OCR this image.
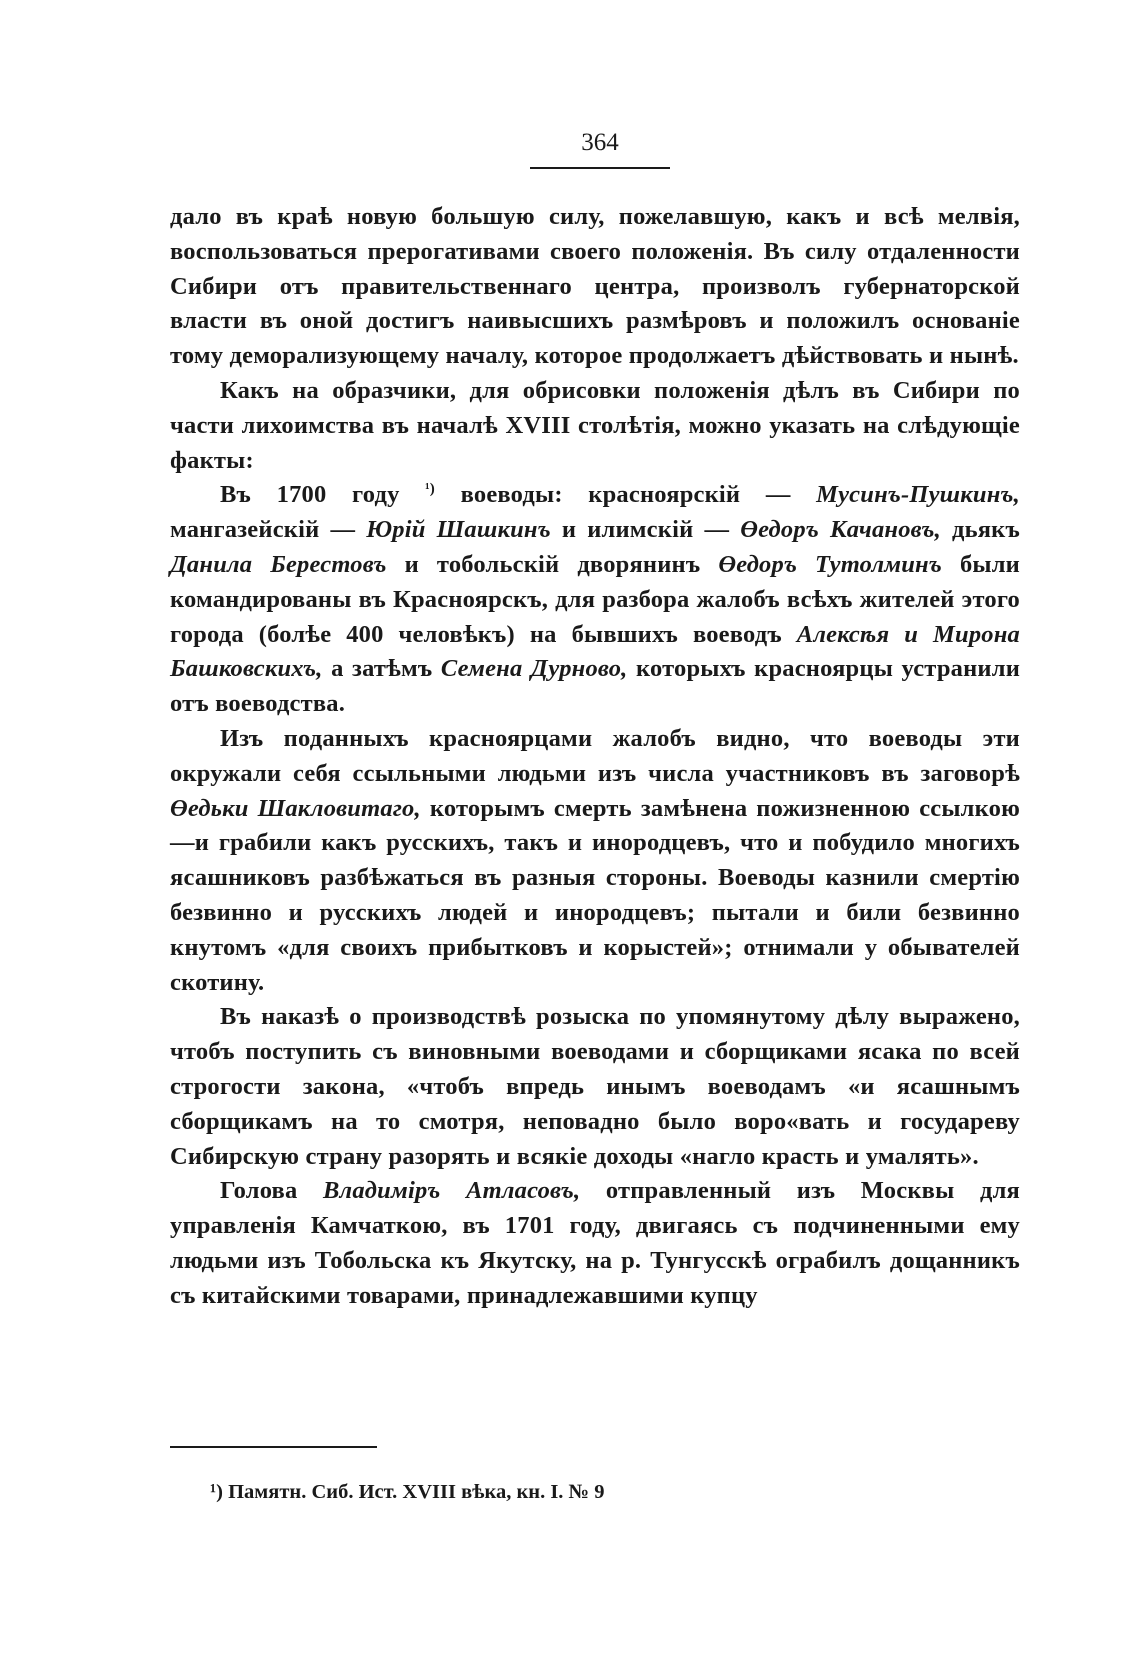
364

дало въ краѣ новую большую силу, пожелавшую, какъ и всѣ мелвія, воспользоваться прерогативами своего положенія. Въ силу отдаленности Сибири отъ правительственнаго центра, произволъ губернаторской власти въ оной достигъ наивысшихъ размѣровъ и положилъ основаніе тому деморализующему началу, которое продолжаетъ дѣйствовать и нынѣ.

Какъ на образчики, для обрисовки положенія дѣлъ въ Сибири по части лихоимства въ началѣ XVIII столѣтія, можно указать на слѣдующіе факты:

Въ 1700 году $^{^1)}$ воеводы: красноярскій — Мусинъ-Пушкинъ, мангазейскій — Юрій Шашкинъ и илимскій — Өедоръ Качановъ, дьякъ Данила Берестовъ и тобольскій дворянинъ Өедоръ Тутолминъ были командированы въ Красноярскъ, для разбора жалобъ всѣхъ жителей этого города (болѣе 400 человѣкъ) на бывшихъ воеводъ Алексѣя и Мирона Башковскихъ, а затѣмъ Семена Дурново, которыхъ красноярцы устранили отъ воеводства.

Изъ поданныхъ красноярцами жалобъ видно, что воеводы эти окружали себя ссыльными людьми изъ числа участниковъ въ заговорѣ Өедьки Шакловитаго, которымъ смерть замѣнена пожизненною ссылкою—и грабили какъ русскихъ, такъ и инородцевъ, что и побудило многихъ ясашниковъ разбѣжаться въ разныя стороны. Воеводы казнили смертію безвинно и русскихъ людей и инородцевъ; пытали и били безвинно кнутомъ «для своихъ прибытковъ и корыстей»; отнимали у обывателей скотину.

Въ наказѣ о производствѣ розыска по упомянутому дѣлу выражено, чтобъ поступить съ виновными воеводами и сборщиками ясака по всей строгости закона, «чтобъ впредь инымъ воеводамъ «и ясашнымъ сборщикамъ на то смотря, неповадно было воро«вать и государеву Сибирскую страну разорять и всякіе доходы «нагло красть и умалять».

Голова Владиміръ Атласовъ, отправленный изъ Москвы для управленія Камчаткою, въ 1701 году, двигаясь съ подчиненными ему людьми изъ Тобольска къ Якутску, на р. Тунгусскѣ ограбилъ дощанникъ съ китайскими товарами, принадлежавшими купцу

¹) Памятн. Сиб. Ист. XVIII вѣка, кн. I. № 9
